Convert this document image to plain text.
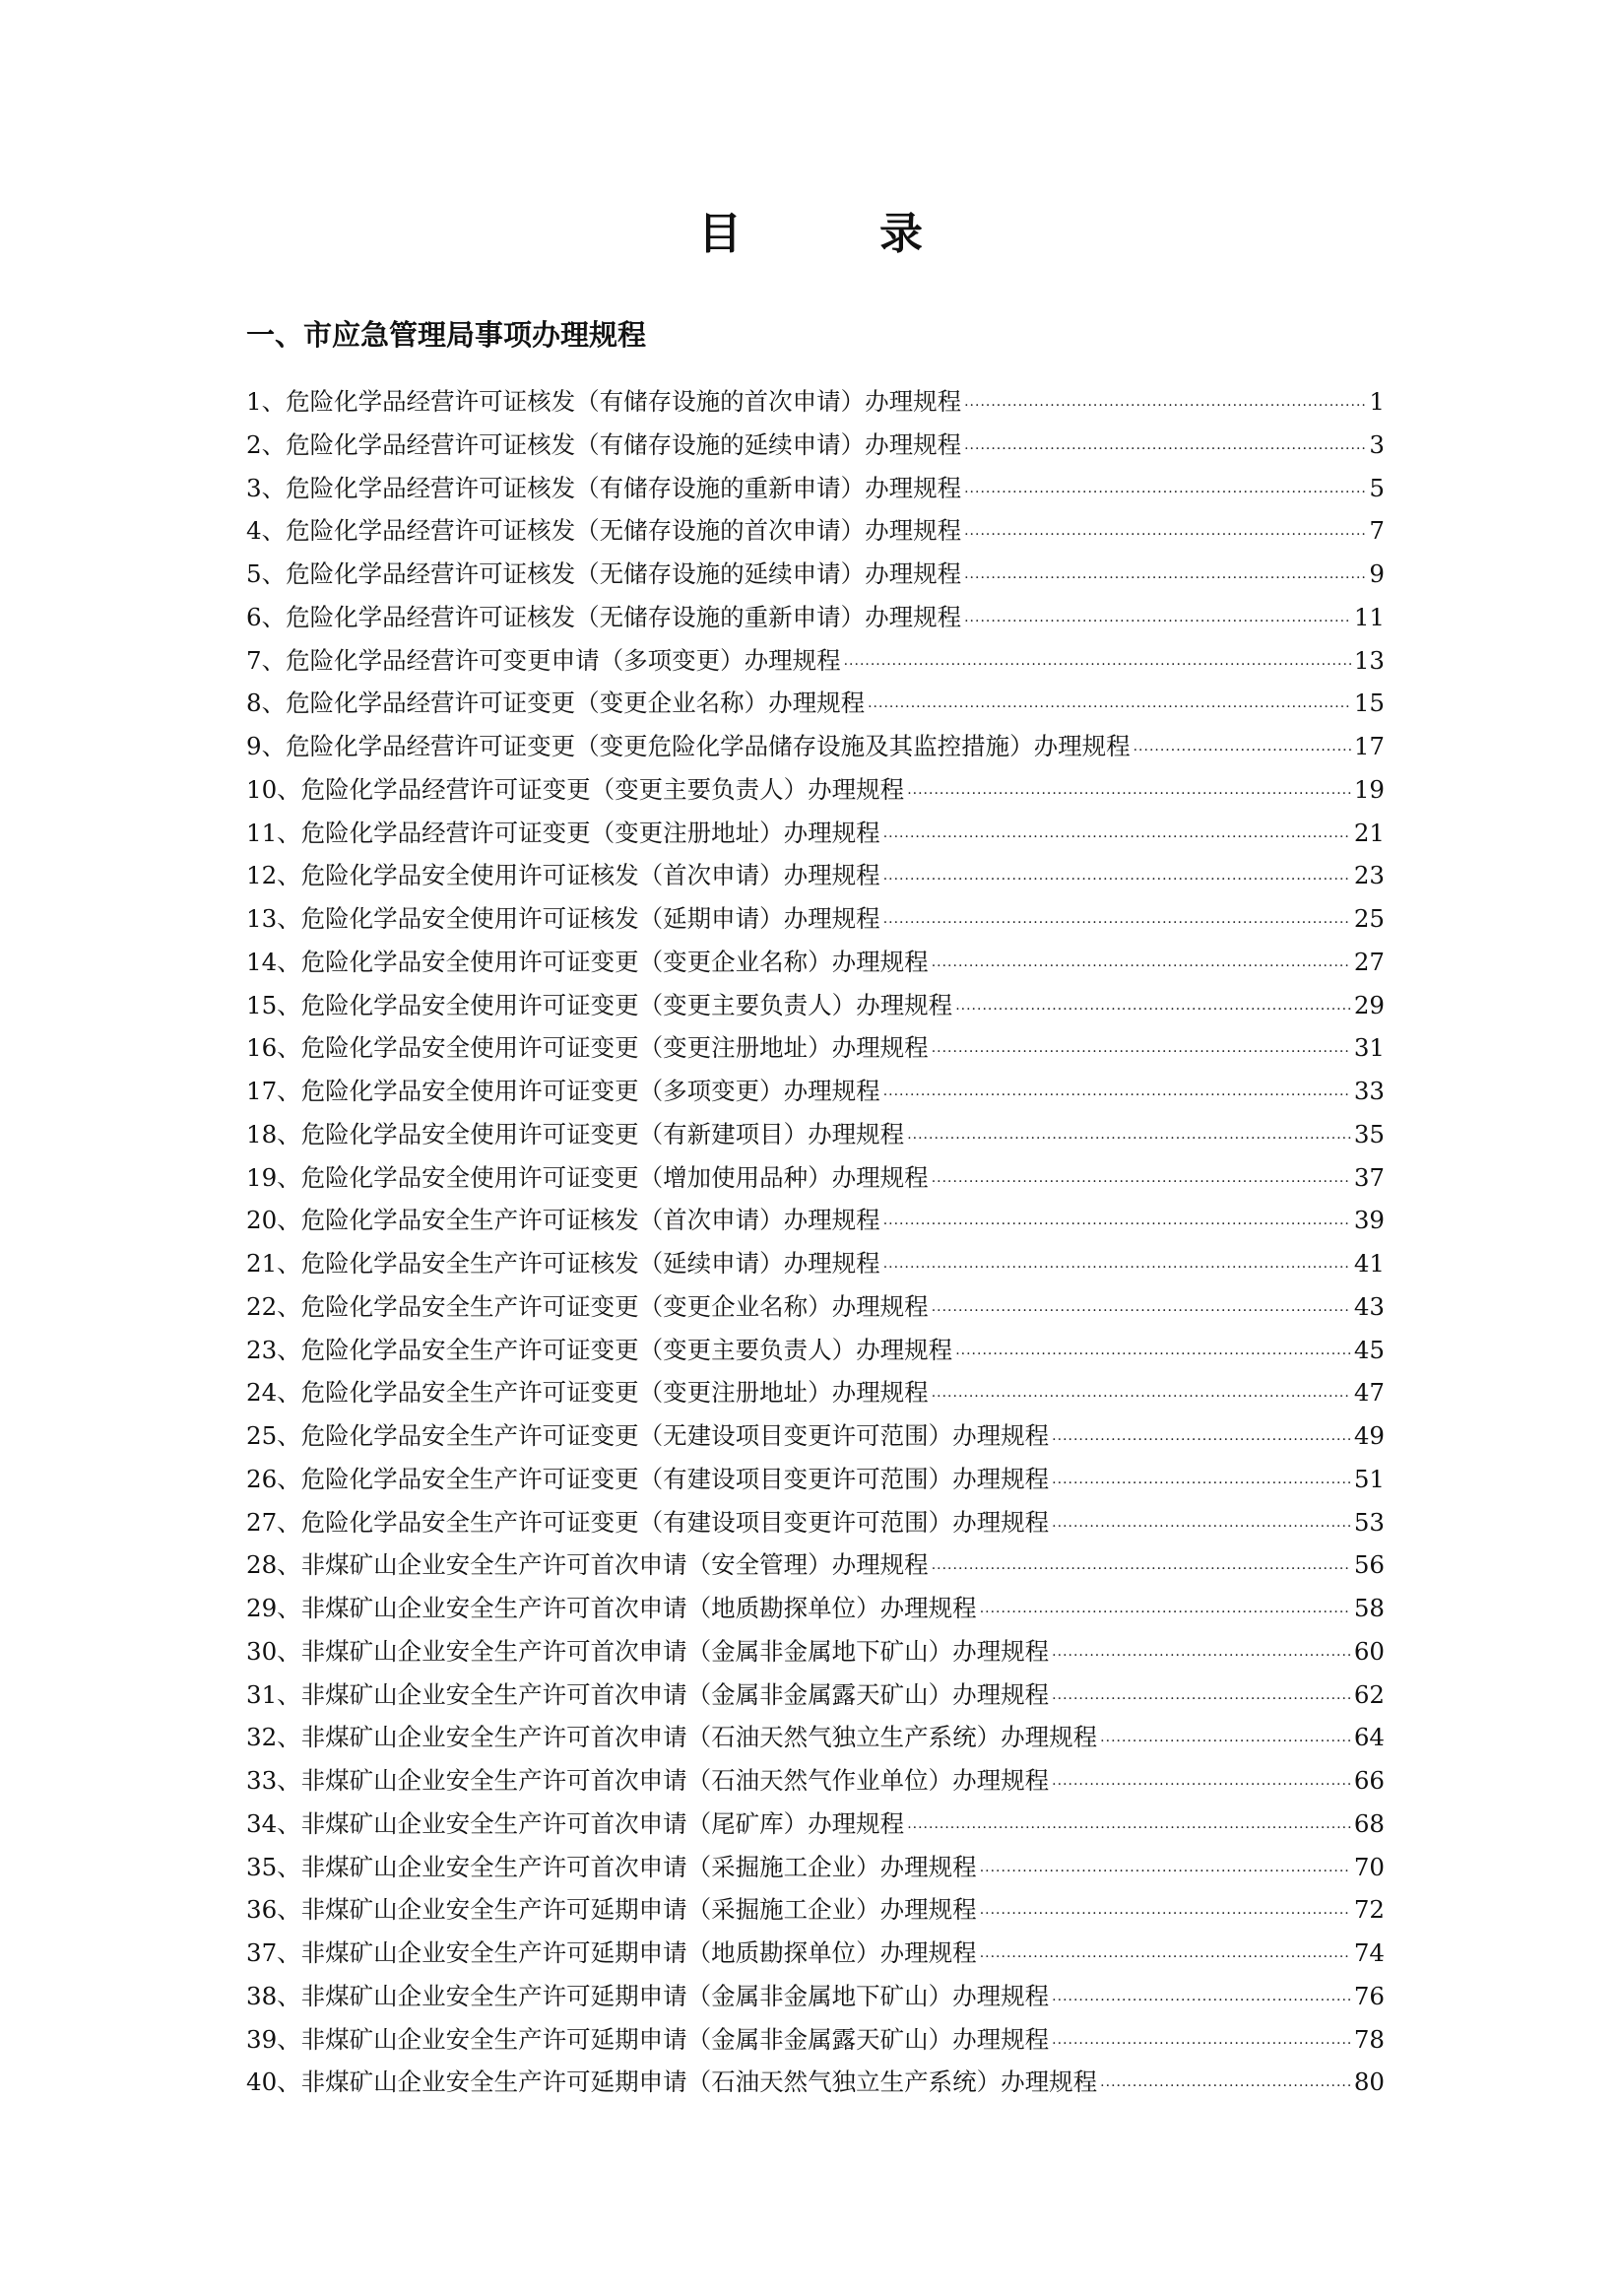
目　录
一、市应急管理局事项办理规程
1、危险化学品经营许可证核发（有储存设施的首次申请）办理规程 ·····	1
2、危险化学品经营许可证核发（有储存设施的延续申请）办理规程 ·····	3
3、危险化学品经营许可证核发（有储存设施的重新申请）办理规程 ·····	5
4、危险化学品经营许可证核发（无储存设施的首次申请）办理规程 ·····	7
5、危险化学品经营许可证核发（无储存设施的延续申请）办理规程 ·····	9
6、危险化学品经营许可证核发（无储存设施的重新申请）办理规程 ·····	11
7、危险化学品经营许可变更申请（多项变更）办理规程 ·····	13
8、危险化学品经营许可证变更（变更企业名称）办理规程 ·····	15
9、危险化学品经营许可证变更（变更危险化学品储存设施及其监控措施）办理规程 ·····	17
10、危险化学品经营许可证变更（变更主要负责人）办理规程 ·····	19
11、危险化学品经营许可证变更（变更注册地址）办理规程 ·····	21
12、危险化学品安全使用许可证核发（首次申请）办理规程 ·····	23
13、危险化学品安全使用许可证核发（延期申请）办理规程 ·····	25
14、危险化学品安全使用许可证变更（变更企业名称）办理规程 ·····	27
15、危险化学品安全使用许可证变更（变更主要负责人）办理规程 ·····	29
16、危险化学品安全使用许可证变更（变更注册地址）办理规程 ·····	31
17、危险化学品安全使用许可证变更（多项变更）办理规程 ·····	33
18、危险化学品安全使用许可证变更（有新建项目）办理规程 ·····	35
19、危险化学品安全使用许可证变更（增加使用品种）办理规程 ·····	37
20、危险化学品安全生产许可证核发（首次申请）办理规程 ·····	39
21、危险化学品安全生产许可证核发（延续申请）办理规程 ·····	41
22、危险化学品安全生产许可证变更（变更企业名称）办理规程 ·····	43
23、危险化学品安全生产许可证变更（变更主要负责人）办理规程 ·····	45
24、危险化学品安全生产许可证变更（变更注册地址）办理规程 ·····	47
25、危险化学品安全生产许可证变更（无建设项目变更许可范围）办理规程 ·····	49
26、危险化学品安全生产许可证变更（有建设项目变更许可范围）办理规程 ·····	51
27、危险化学品安全生产许可证变更（有建设项目变更许可范围）办理规程 ·····	53
28、非煤矿山企业安全生产许可首次申请（安全管理）办理规程 ·····	56
29、非煤矿山企业安全生产许可首次申请（地质勘探单位）办理规程 ·····	58
30、非煤矿山企业安全生产许可首次申请（金属非金属地下矿山）办理规程 ·····	60
31、非煤矿山企业安全生产许可首次申请（金属非金属露天矿山）办理规程 ·····	62
32、非煤矿山企业安全生产许可首次申请（石油天然气独立生产系统）办理规程 ·····	64
33、非煤矿山企业安全生产许可首次申请（石油天然气作业单位）办理规程 ·····	66
34、非煤矿山企业安全生产许可首次申请（尾矿库）办理规程 ·····	68
35、非煤矿山企业安全生产许可首次申请（采掘施工企业）办理规程 ·····	70
36、非煤矿山企业安全生产许可延期申请（采掘施工企业）办理规程 ·····	72
37、非煤矿山企业安全生产许可延期申请（地质勘探单位）办理规程 ·····	74
38、非煤矿山企业安全生产许可延期申请（金属非金属地下矿山）办理规程 ·····	76
39、非煤矿山企业安全生产许可延期申请（金属非金属露天矿山）办理规程 ·····	78
40、非煤矿山企业安全生产许可延期申请（石油天然气独立生产系统）办理规程 ·····	80
